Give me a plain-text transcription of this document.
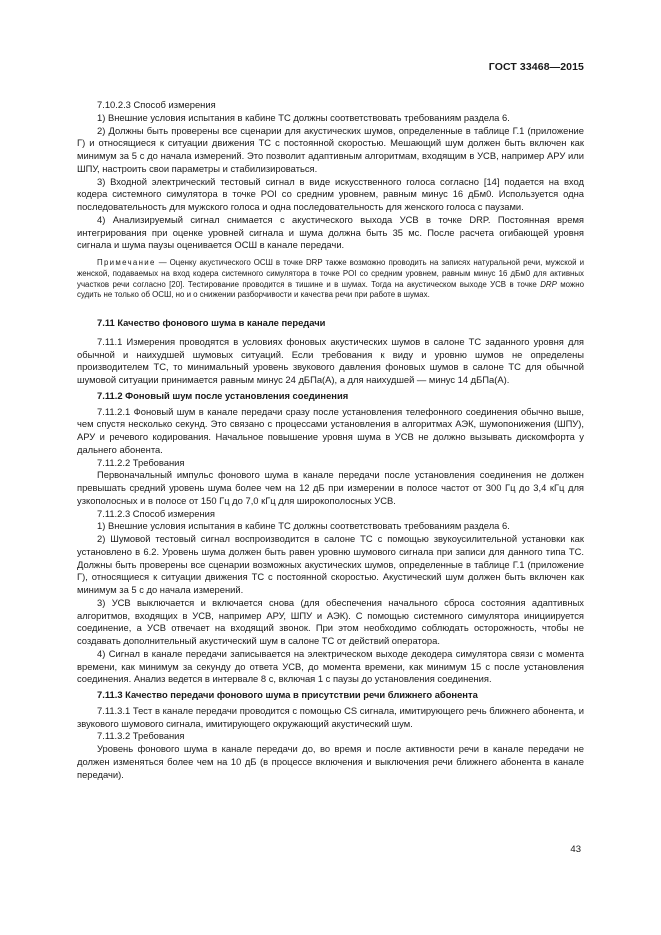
ГОСТ 33468—2015

7.10.2.3 Способ измерения

1) Внешние условия испытания в кабине ТС должны соответствовать требованиям раздела 6.

2) Должны быть проверены все сценарии для акустических шумов, определенные в таблице Г.1 (приложение Г) и относящиеся к ситуации движения ТС с постоянной скоростью. Мешающий шум должен быть включен как минимум за 5 с до начала измерений. Это позволит адаптивным алгоритмам, входящим в УСВ, например АРУ или ШПУ, настроить свои параметры и стабилизироваться.

3) Входной электрический тестовый сигнал в виде искусственного голоса согласно [14] подается на вход кодера системного симулятора в точке POI со средним уровнем, равным минус 16 дБм0. Используется одна последовательность для мужского голоса и одна последовательность для женского голоса с паузами.

4) Анализируемый сигнал снимается с акустического выхода УСВ в точке DRP. Постоянная время интегрирования при оценке уровней сигнала и шума должна быть 35 мс. После расчета огибающей уровня сигнала и шума паузы оценивается ОСШ в канале передачи.

Примечание — Оценку акустического ОСШ в точке DRP также возможно проводить на записях натуральной речи, мужской и женской, подаваемых на вход кодера системного симулятора в точке POI со средним уровнем, равным минус 16 дБм0 для активных участков речи согласно [20]. Тестирование проводится в тишине и в шумах. Тогда на акустическом выходе УСВ в точке DRP можно судить не только об ОСШ, но и о снижении разборчивости и качества речи при работе в шумах.

7.11 Качество фонового шума в канале передачи

7.11.1 Измерения проводятся в условиях фоновых акустических шумов в салоне ТС заданного уровня для обычной и наихудшей шумовых ситуаций. Если требования к виду и уровню шумов не определены производителем ТС, то минимальный уровень звукового давления фоновых шумов в салоне ТС для обычной шумовой ситуации принимается равным минус 24 дБПа(А), а для наихудшей — минус 14 дБПа(А).

7.11.2 Фоновый шум после установления соединения

7.11.2.1 Фоновый шум в канале передачи сразу после установления телефонного соединения обычно выше, чем спустя несколько секунд. Это связано с процессами установления в алгоритмах АЭК, шумопонижения (ШПУ), АРУ и речевого кодирования. Начальное повышение уровня шума в УСВ не должно вызывать дискомфорта у дальнего абонента.

7.11.2.2 Требования

Первоначальный импульс фонового шума в канале передачи после установления соединения не должен превышать средний уровень шума более чем на 12 дБ при измерении в полосе частот от 300 Гц до 3,4 кГц для узкополосных и в полосе от 150 Гц до 7,0 кГц для широкополосных УСВ.

7.11.2.3 Способ измерения

1) Внешние условия испытания в кабине ТС должны соответствовать требованиям раздела 6.

2) Шумовой тестовый сигнал воспроизводится в салоне ТС с помощью звукоусилительной установки как установлено в 6.2. Уровень шума должен быть равен уровню шумового сигнала при записи для данного типа ТС. Должны быть проверены все сценарии возможных акустических шумов, определенные в таблице Г.1 (приложение Г), относящиеся к ситуации движения ТС с постоянной скоростью. Акустический шум должен быть включен как минимум за 5 с до начала измерений.

3) УСВ выключается и включается снова (для обеспечения начального сброса состояния адаптивных алгоритмов, входящих в УСВ, например АРУ, ШПУ и АЭК). С помощью системного симулятора инициируется соединение, а УСВ отвечает на входящий звонок. При этом необходимо соблюдать осторожность, чтобы не создавать дополнительный акустический шум в салоне ТС от действий оператора.

4) Сигнал в канале передачи записывается на электрическом выходе декодера симулятора связи с момента времени, как минимум за секунду до ответа УСВ, до момента времени, как минимум 15 с после установления соединения. Анализ ведется в интервале 8 с, включая 1 с паузы до установления соединения.

7.11.3 Качество передачи фонового шума в присутствии речи ближнего абонента

7.11.3.1 Тест в канале передачи проводится с помощью CS сигнала, имитирующего речь ближнего абонента, и звукового шумового сигнала, имитирующего окружающий акустический шум.

7.11.3.2 Требования

Уровень фонового шума в канале передачи до, во время и после активности речи в канале передачи не должен изменяться более чем на 10 дБ (в процессе включения и выключения речи ближнего абонента в канале передачи).

43
